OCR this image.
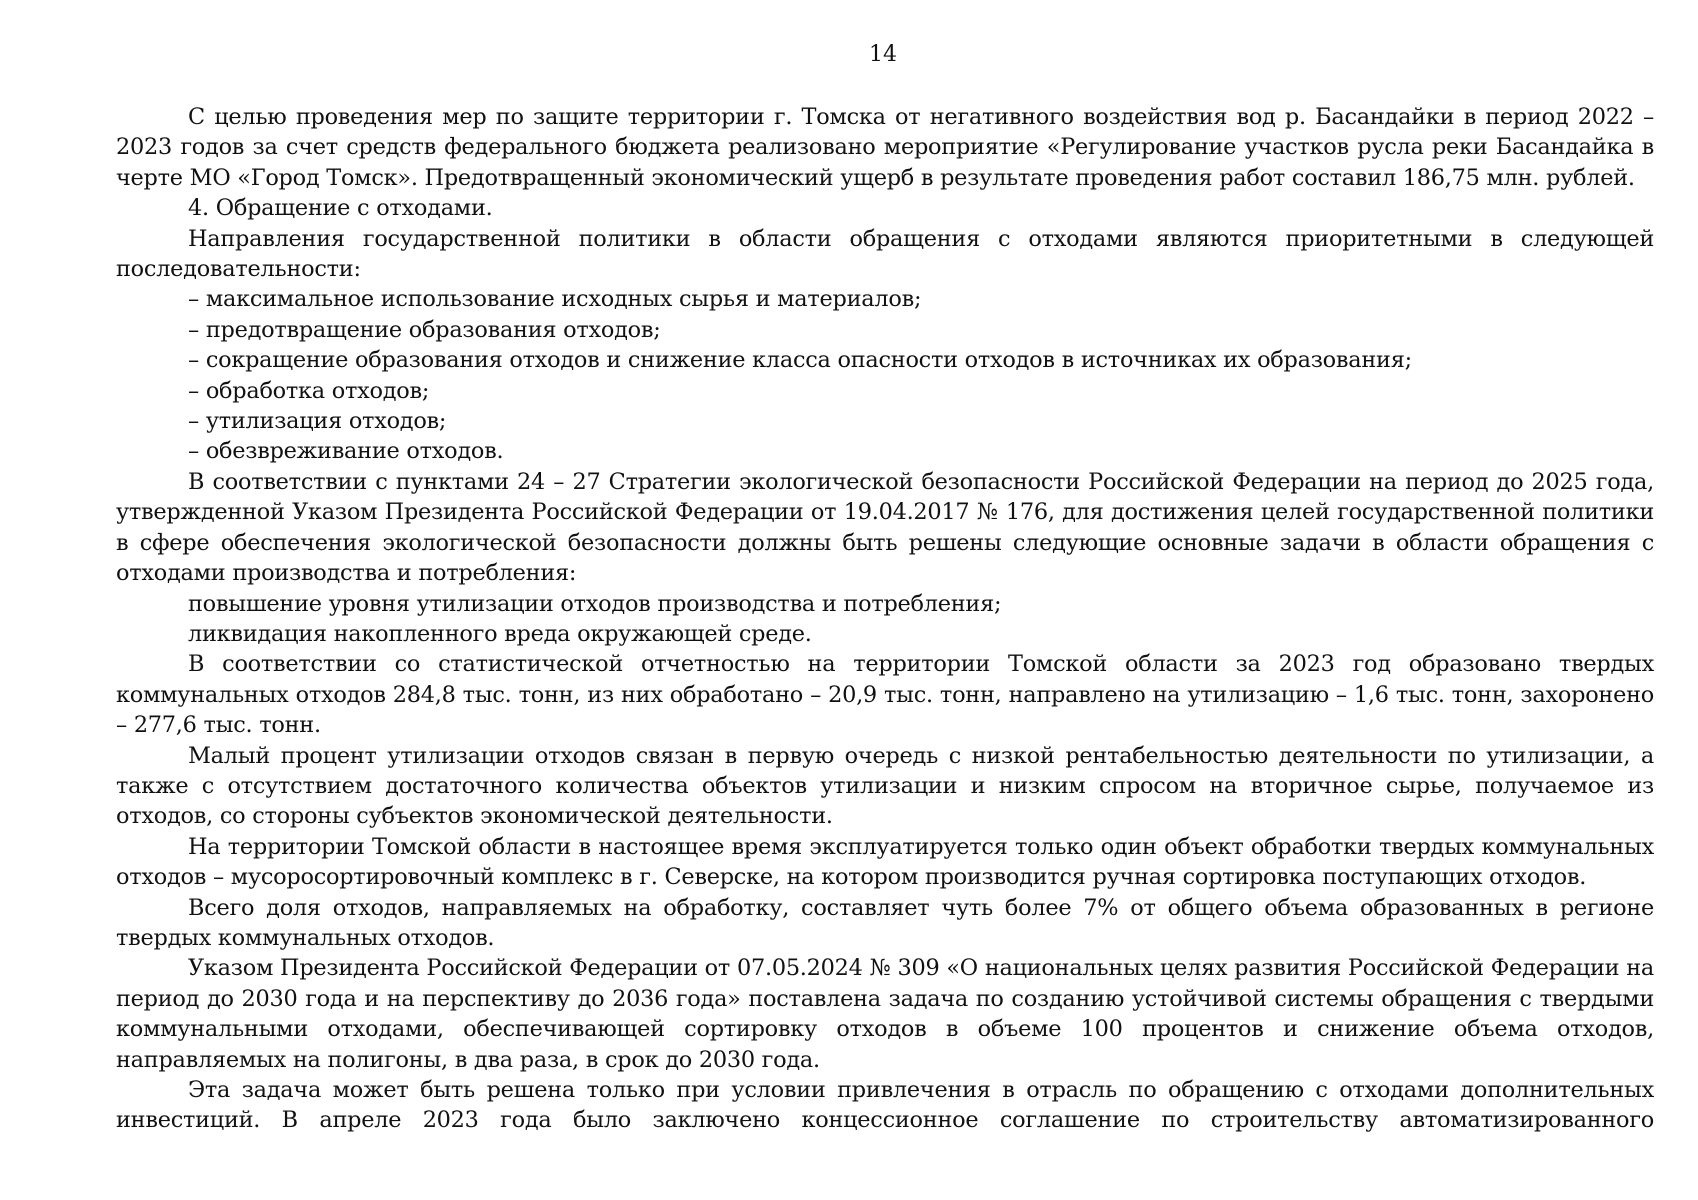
14

С целью проведения мер по защите территории г. Томска от негативного воздействия вод р. Басандайки в период 2022 – 2023 годов за счет средств федерального бюджета реализовано мероприятие «Регулирование участков русла реки Басандайка в черте МО «Город Томск». Предотвращенный экономический ущерб в результате проведения работ составил 186,75 млн. рублей.

4. Обращение с отходами.

Направления государственной политики в области обращения с отходами являются приоритетными в следующей последовательности:

– максимальное использование исходных сырья и материалов;

– предотвращение образования отходов;

– сокращение образования отходов и снижение класса опасности отходов в источниках их образования;

– обработка отходов;

– утилизация отходов;

– обезвреживание отходов.

В соответствии с пунктами 24 – 27 Стратегии экологической безопасности Российской Федерации на период до 2025 года, утвержденной Указом Президента Российской Федерации от 19.04.2017 № 176, для достижения целей государственной политики в сфере обеспечения экологической безопасности должны быть решены следующие основные задачи в области обращения с отходами производства и потребления:

повышение уровня утилизации отходов производства и потребления;

ликвидация накопленного вреда окружающей среде.

В соответствии со статистической отчетностью на территории Томской области за 2023 год образовано твердых коммунальных отходов 284,8 тыс. тонн, из них обработано – 20,9 тыс. тонн, направлено на утилизацию – 1,6 тыс. тонн, захоронено – 277,6 тыс. тонн.

Малый процент утилизации отходов связан в первую очередь с низкой рентабельностью деятельности по утилизации, а также с отсутствием достаточного количества объектов утилизации и низким спросом на вторичное сырье, получаемое из отходов, со стороны субъектов экономической деятельности.

На территории Томской области в настоящее время эксплуатируется только один объект обработки твердых коммунальных отходов – мусоросортировочный комплекс в г. Северске, на котором производится ручная сортировка поступающих отходов.

Всего доля отходов, направляемых на обработку, составляет чуть более 7% от общего объема образованных в регионе твердых коммунальных отходов.

Указом Президента Российской Федерации от 07.05.2024 № 309 «О национальных целях развития Российской Федерации на период до 2030 года и на перспективу до 2036 года» поставлена задача по созданию устойчивой системы обращения с твердыми коммунальными отходами, обеспечивающей сортировку отходов в объеме 100 процентов и снижение объема отходов, направляемых на полигоны, в два раза, в срок до 2030 года.

Эта задача может быть решена только при условии привлечения в отрасль по обращению с отходами дополнительных инвестиций. В апреле 2023 года было заключено концессионное соглашение по строительству автоматизированного
